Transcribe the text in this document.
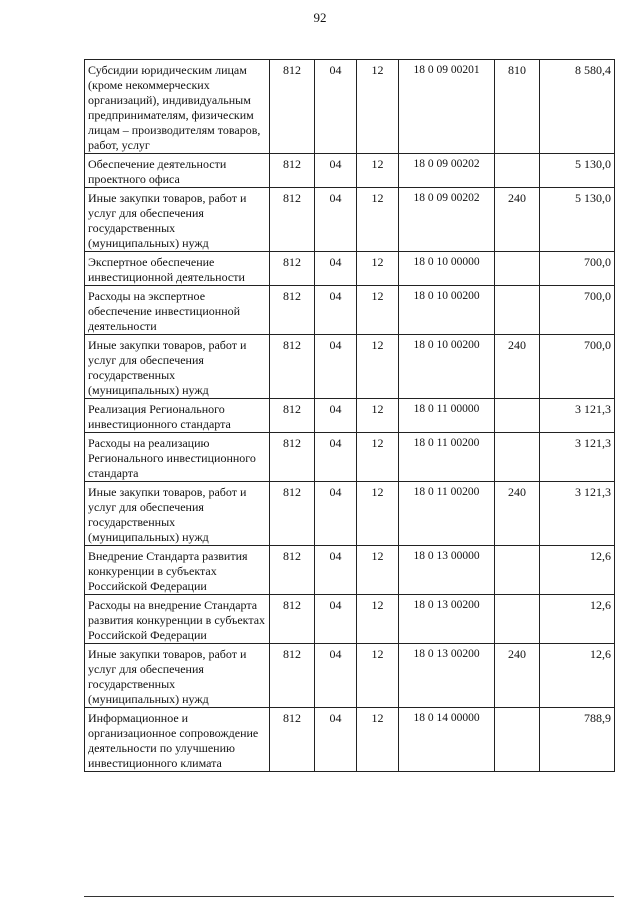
92
Субсидии юридическим лицам (кроме некоммерческих организаций), индивидуальным предпринимателям, физическим лицам – производителям товаров, работ, услуг	812	04	12	18 0 09 00201	810	8 580,4
Обеспечение деятельности проектного офиса	812	04	12	18 0 09 00202		5 130,0
Иные закупки товаров, работ и услуг для обеспечения государственных (муниципальных) нужд	812	04	12	18 0 09 00202	240	5 130,0
Экспертное обеспечение инвестиционной деятельности	812	04	12	18 0 10 00000		700,0
Расходы на экспертное обеспечение инвестиционной деятельности	812	04	12	18 0 10 00200		700,0
Иные закупки товаров, работ и услуг для обеспечения государственных (муниципальных) нужд	812	04	12	18 0 10 00200	240	700,0
Реализация Регионального инвестиционного стандарта	812	04	12	18 0 11 00000		3 121,3
Расходы на реализацию Регионального инвестиционного стандарта	812	04	12	18 0 11 00200		3 121,3
Иные закупки товаров, работ и услуг для обеспечения государственных (муниципальных) нужд	812	04	12	18 0 11 00200	240	3 121,3
Внедрение Стандарта развития конкуренции в субъектах Российской Федерации	812	04	12	18 0 13 00000		12,6
Расходы на внедрение Стандарта развития конкуренции в субъектах Российской Федерации	812	04	12	18 0 13 00200		12,6
Иные закупки товаров, работ и услуг для обеспечения государственных (муниципальных) нужд	812	04	12	18 0 13 00200	240	12,6
Информационное и организационное сопровождение деятельности по улучшению инвестиционного климата	812	04	12	18 0 14 00000		788,9
